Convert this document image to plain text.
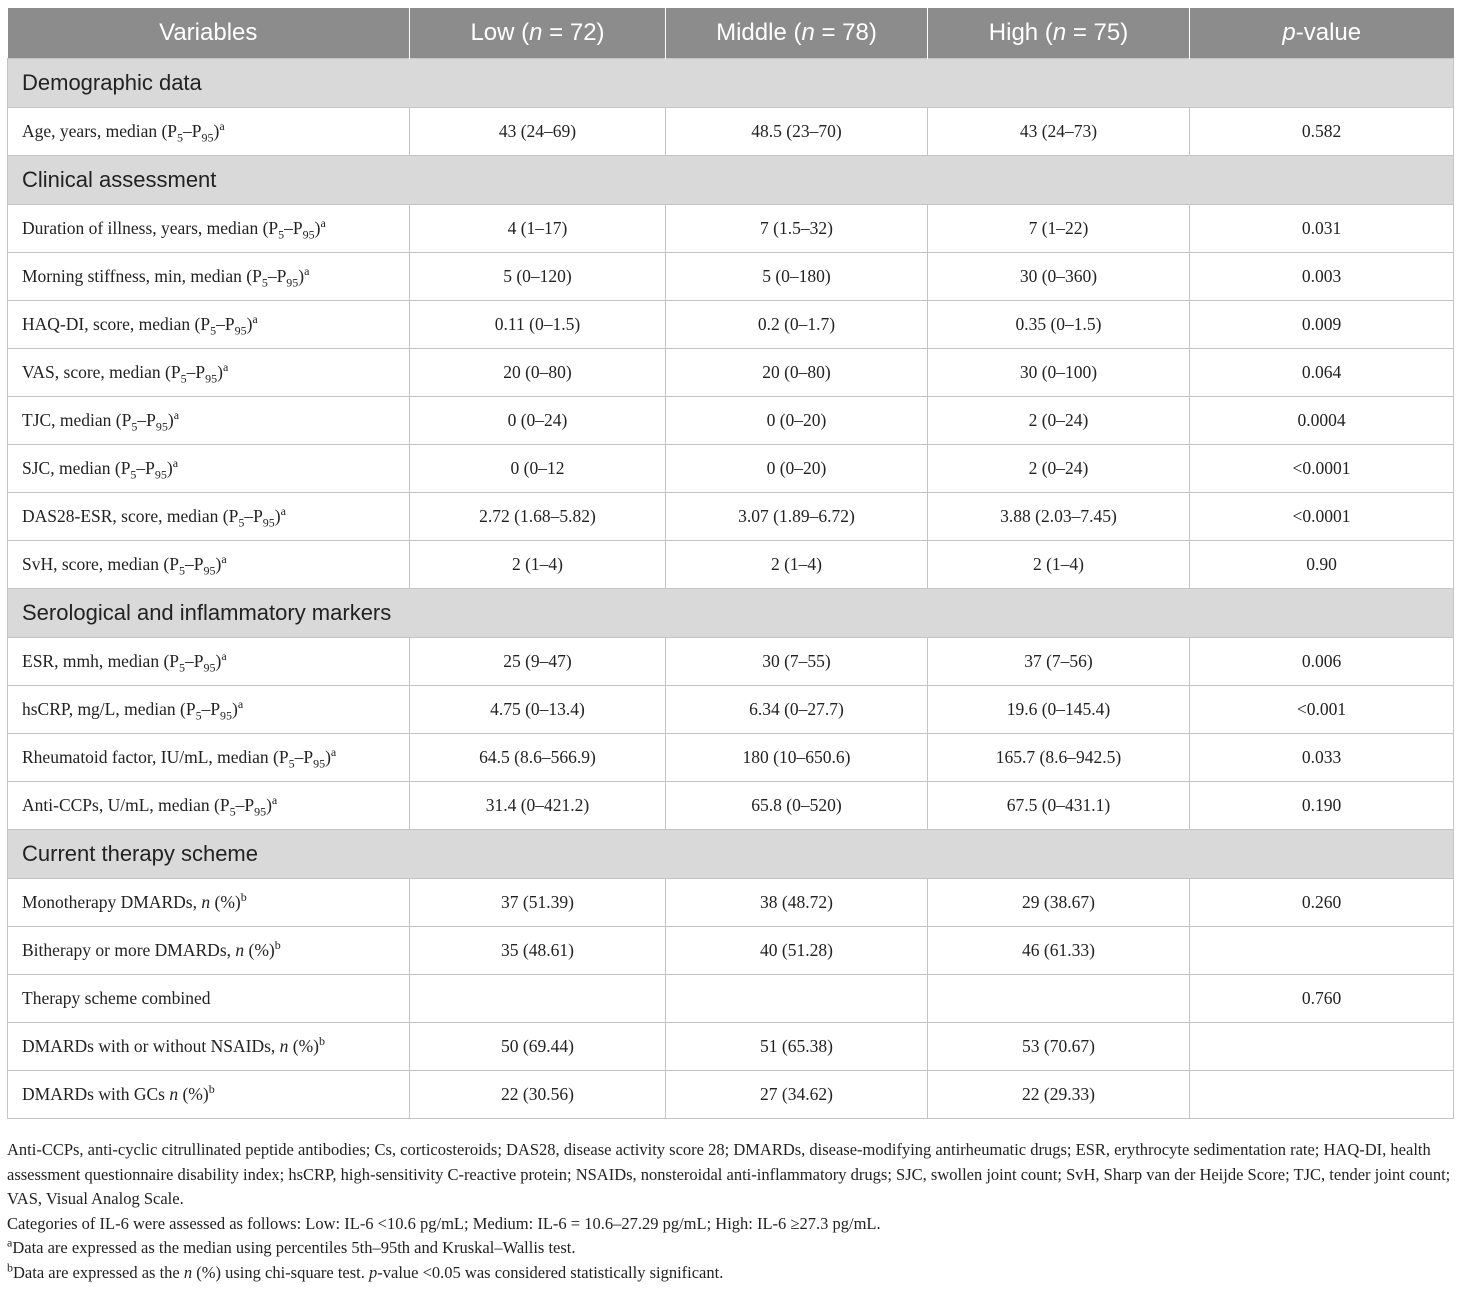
Variables	Low (n = 72)	Middle (n = 78)	High (n = 75)	p-value
Demographic data				
Age, years, median $(P_5-P_{95})^a$	43 (24–69)	48.5 (23–70)	43 (24–73)	0.582
Clinical assessment				
Duration of illness, years, median $(P_5-P_{95})^a$	4 (1–17)	7 (1.5–32)	7 (1–22)	0.031
Morning stiffness, min, median $(P_5-P_{95})^a$	5 (0–120)	5 (0–180)	30 (0–360)	0.003
HAQ-DI, score, median $(P_5-P_{95})^a$	0.11 (0–1.5)	0.2 (0–1.7)	0.35 (0–1.5)	0.009
VAS, score, median $(P_5-P_{95})^a$	20 (0–80)	20 (0–80)	30 (0–100)	0.064
TJC, median $(P_5-P_{95})^a$	0 (0–24)	0 (0–20)	2 (0–24)	0.0004
SJC, median $(P_5-P_{95})^a$	0 (0–12	0 (0–20)	2 (0–24)	<0.0001
DAS28-ESR, score, median $(P_5-P_{95})^a$	2.72 (1.68–5.82)	3.07 (1.89–6.72)	3.88 (2.03–7.45)	<0.0001
SvH, score, median $(P_5-P_{95})^a$	2 (1–4)	2 (1–4)	2 (1–4)	0.90
Serological and inflammatory markers				
ESR, mmh, median $(P_5-P_{95})^a$	25 (9–47)	30 (7–55)	37 (7–56)	0.006
hsCRP, mg/L, median $(P_5-P_{95})^a$	4.75 (0–13.4)	6.34 (0–27.7)	19.6 (0–145.4)	<0.001
Rheumatoid factor, IU/mL, median $(P_5-P_{95})^a$	64.5 (8.6–566.9)	180 (10–650.6)	165.7 (8.6–942.5)	0.033
Anti-CCPs, U/mL, median $(P_5-P_{95})^a$	31.4 (0–421.2)	65.8 (0–520)	67.5 (0–431.1)	0.190
Current therapy scheme				
Monotherapy DMARDs, n (%)$^b$	37 (51.39)	38 (48.72)	29 (38.67)	0.260
Bitherapy or more DMARDs, n (%)$^b$	35 (48.61)	40 (51.28)	46 (61.33)	
Therapy scheme combined				0.760
DMARDs with or without NSAIDs, n (%)$^b$	50 (69.44)	51 (65.38)	53 (70.67)	
DMARDs with GCs n (%)$^b$	22 (30.56)	27 (34.62)	22 (29.33)	

Anti-CCPs, anti-cyclic citrullinated peptide antibodies; Cs, corticosteroids; DAS28, disease activity score 28; DMARDs, disease-modifying antirheumatic drugs; ESR, erythrocyte sedimentation rate; HAQ-DI, health assessment questionnaire disability index; hsCRP, high-sensitivity C-reactive protein; NSAIDs, nonsteroidal anti-inflammatory drugs; SJC, swollen joint count; SvH, Sharp van der Heijde Score; TJC, tender joint count; VAS, Visual Analog Scale.

Categories of IL-6 were assessed as follows: Low: IL-6 <10.6 pg/mL; Medium: IL-6 = 10.6–27.29 pg/mL; High: IL-6 ≥27.3 pg/mL.

$^a$Data are expressed as the median using percentiles 5th–95th and Kruskal–Wallis test.

$^b$Data are expressed as the n (%) using chi-square test. p-value <0.05 was considered statistically significant.
